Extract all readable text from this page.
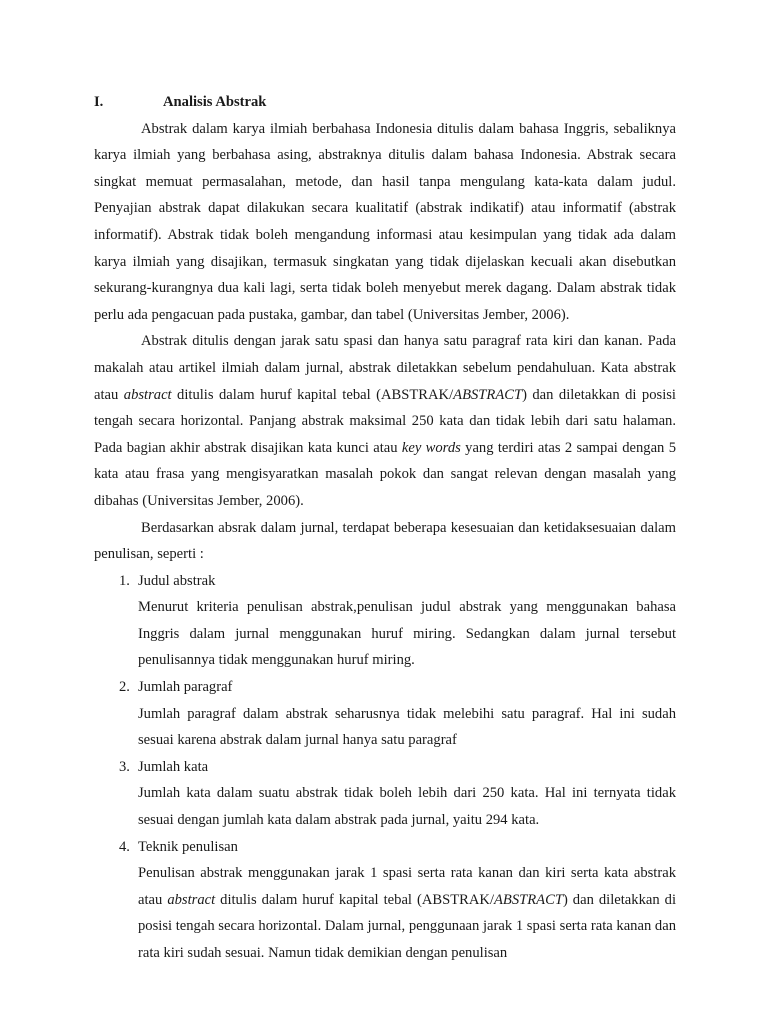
I.	Analisis Abstrak

Abstrak dalam karya ilmiah berbahasa Indonesia ditulis dalam bahasa Inggris, sebaliknya karya ilmiah yang berbahasa asing, abstraknya ditulis dalam bahasa Indonesia. Abstrak secara singkat memuat permasalahan, metode, dan hasil tanpa mengulang kata-kata dalam judul. Penyajian abstrak dapat dilakukan secara kualitatif (abstrak indikatif) atau informatif (abstrak informatif). Abstrak tidak boleh mengandung informasi atau kesimpulan yang tidak ada dalam karya ilmiah yang disajikan, termasuk singkatan yang tidak dijelaskan kecuali akan disebutkan sekurang-kurangnya dua kali lagi, serta tidak boleh menyebut merek dagang. Dalam abstrak tidak perlu ada pengacuan pada pustaka, gambar, dan tabel (Universitas Jember, 2006).

Abstrak ditulis dengan jarak satu spasi dan hanya satu paragraf rata kiri dan kanan. Pada makalah atau artikel ilmiah dalam jurnal, abstrak diletakkan sebelum pendahuluan. Kata abstrak atau abstract ditulis dalam huruf kapital tebal (ABSTRAK/ABSTRACT) dan diletakkan di posisi tengah secara horizontal. Panjang abstrak maksimal 250 kata dan tidak lebih dari satu halaman. Pada bagian akhir abstrak disajikan kata kunci atau key words yang terdiri atas 2 sampai dengan 5 kata atau frasa yang mengisyaratkan masalah pokok dan sangat relevan dengan masalah yang dibahas (Universitas Jember, 2006).

Berdasarkan absrak dalam jurnal, terdapat beberapa kesesuaian dan ketidaksesuaian dalam penulisan, seperti :

1. Judul abstrak
Menurut kriteria penulisan abstrak,penulisan judul abstrak yang menggunakan bahasa Inggris dalam jurnal menggunakan huruf miring. Sedangkan dalam jurnal tersebut penulisannya tidak menggunakan huruf miring.
2. Jumlah paragraf
Jumlah paragraf dalam abstrak seharusnya tidak melebihi satu paragraf. Hal ini sudah sesuai karena abstrak dalam jurnal hanya satu paragraf
3. Jumlah kata
Jumlah kata dalam suatu abstrak tidak boleh lebih dari 250 kata. Hal ini ternyata tidak sesuai dengan jumlah kata dalam abstrak pada jurnal, yaitu 294 kata.
4. Teknik penulisan
Penulisan abstrak menggunakan jarak 1 spasi serta rata kanan dan kiri serta kata abstrak atau abstract ditulis dalam huruf kapital tebal (ABSTRAK/ABSTRACT) dan diletakkan di posisi tengah secara horizontal. Dalam jurnal, penggunaan jarak 1 spasi serta rata kanan dan rata kiri sudah sesuai. Namun tidak demikian dengan penulisan
